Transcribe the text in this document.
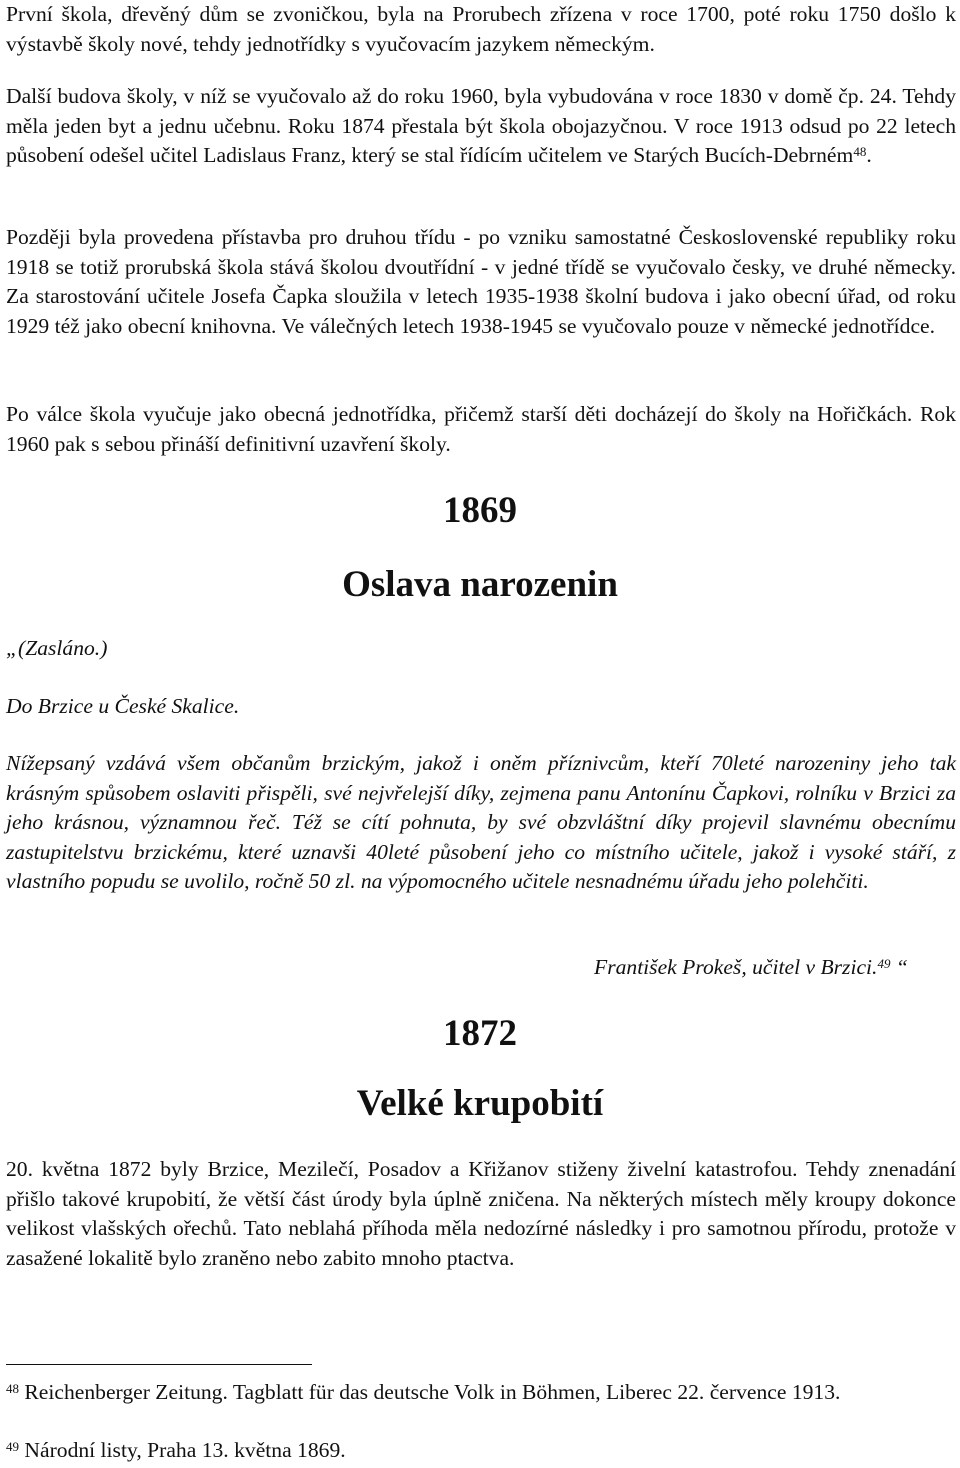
První škola, dřevěný dům se zvoničkou, byla na Prorubech zřízena v roce 1700, poté roku 1750 došlo k výstavbě školy nové, tehdy jednotřídky s vyučovacím jazykem německým.

Další budova školy, v níž se vyučovalo až do roku 1960, byla vybudována v roce 1830 v domě čp. 24. Tehdy měla jeden byt a jednu učebnu. Roku 1874 přestala být škola obojazyčnou. V roce 1913 odsud po 22 letech působení odešel učitel Ladislaus Franz, který se stal řídícím učitelem ve Starých Bucích-Debrném$^{48}$.

Později byla provedena přístavba pro druhou třídu - po vzniku samostatné Československé republiky roku 1918 se totiž prorubská škola stává školou dvoutřídní - v jedné třídě se vyučovalo česky, ve druhé německy. Za starostování učitele Josefa Čapka sloužila v letech 1935-1938 školní budova i jako obecní úřad, od roku 1929 též jako obecní knihovna. Ve válečných letech 1938-1945 se vyučovalo pouze v německé jednotřídce.

Po válce škola vyučuje jako obecná jednotřídka, přičemž starší děti docházejí do školy na Hořičkách. Rok 1960 pak s sebou přináší definitivní uzavření školy.

1869
Oslava narozenin

„(Zasláno.)

Do Brzice u České Skalice.

Nížepsaný vzdává všem občanům brzickým, jakož i oněm příznivcům, kteří 70leté narozeniny jeho tak krásným spůsobem oslaviti přispěli, své nejvřelejší díky, zejmena panu Antonínu Čapkovi, rolníku v Brzici za jeho krásnou, významnou řeč. Též se cítí pohnuta, by své obzvláštní díky projevil slavnému obecnímu zastupitelstvu brzickému, které uznavši 40leté působení jeho co místního učitele, jakož i vysoké stáří, z vlastního popudu se uvolilo, ročně 50 zl. na výpomocného učitele nesnadnému úřadu jeho polehčiti.

František Prokeš, učitel v Brzici.$^{49}$ “

1872
Velké krupobití

20. května 1872 byly Brzice, Mezilečí, Posadov a Křižanov stiženy živelní katastrofou. Tehdy znenadání přišlo takové krupobití, že větší část úrody byla úplně zničena. Na některých místech měly kroupy dokonce velikost vlašských ořechů. Tato neblahá příhoda měla nedozírné následky i pro samotnou přírodu, protože v zasažené lokalitě bylo zraněno nebo zabito mnoho ptactva.

$^{48}$ Reichenberger Zeitung. Tagblatt für das deutsche Volk in Böhmen, Liberec 22. července 1913.

$^{49}$ Národní listy, Praha 13. května 1869.
